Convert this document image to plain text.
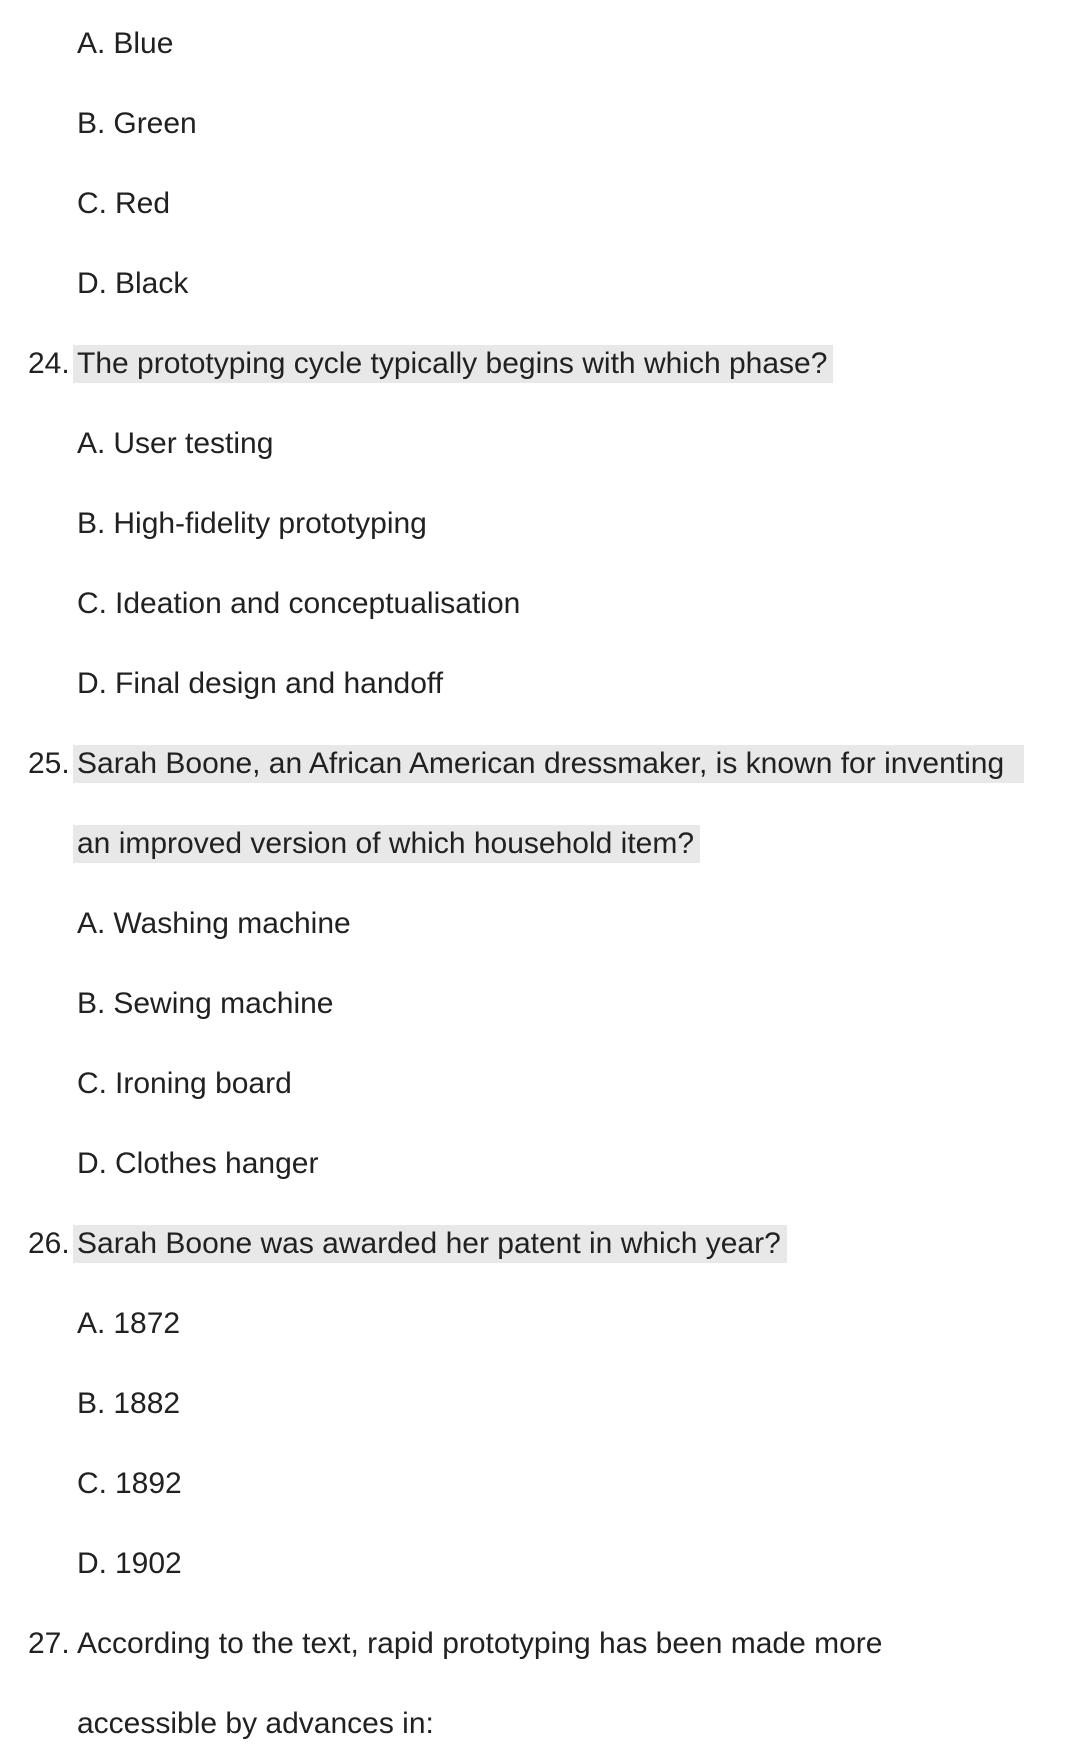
A. Blue
B. Green
C. Red
D. Black
24. The prototyping cycle typically begins with which phase?
A. User testing
B. High-fidelity prototyping
C. Ideation and conceptualisation
D. Final design and handoff
25. Sarah Boone, an African American dressmaker, is known for inventing
an improved version of which household item?
A. Washing machine
B. Sewing machine
C. Ironing board
D. Clothes hanger
26. Sarah Boone was awarded her patent in which year?
A. 1872
B. 1882
C. 1892
D. 1902
27. According to the text, rapid prototyping has been made more
accessible by advances in:
